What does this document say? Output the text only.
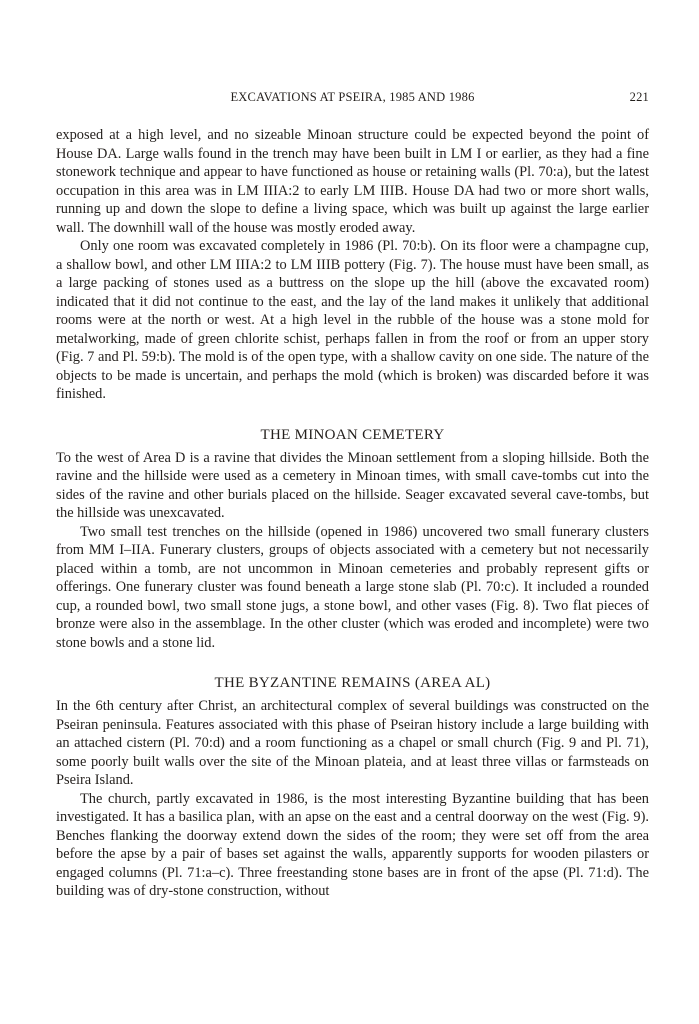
EXCAVATIONS AT PSEIRA, 1985 AND 1986	221

exposed at a high level, and no sizeable Minoan structure could be expected beyond the point of House DA. Large walls found in the trench may have been built in LM I or earlier, as they had a fine stonework technique and appear to have functioned as house or retaining walls (Pl. 70:a), but the latest occupation in this area was in LM IIIA:2 to early LM IIIB. House DA had two or more short walls, running up and down the slope to define a living space, which was built up against the large earlier wall. The downhill wall of the house was mostly eroded away.

Only one room was excavated completely in 1986 (Pl. 70:b). On its floor were a champagne cup, a shallow bowl, and other LM IIIA:2 to LM IIIB pottery (Fig. 7). The house must have been small, as a large packing of stones used as a buttress on the slope up the hill (above the excavated room) indicated that it did not continue to the east, and the lay of the land makes it unlikely that additional rooms were at the north or west. At a high level in the rubble of the house was a stone mold for metalworking, made of green chlorite schist, perhaps fallen in from the roof or from an upper story (Fig. 7 and Pl. 59:b). The mold is of the open type, with a shallow cavity on one side. The nature of the objects to be made is uncertain, and perhaps the mold (which is broken) was discarded before it was finished.

THE MINOAN CEMETERY

To the west of Area D is a ravine that divides the Minoan settlement from a sloping hillside. Both the ravine and the hillside were used as a cemetery in Minoan times, with small cave-tombs cut into the sides of the ravine and other burials placed on the hillside. Seager excavated several cave-tombs, but the hillside was unexcavated.

Two small test trenches on the hillside (opened in 1986) uncovered two small funerary clusters from MM I–IIA. Funerary clusters, groups of objects associated with a cemetery but not necessarily placed within a tomb, are not uncommon in Minoan cemeteries and probably represent gifts or offerings. One funerary cluster was found beneath a large stone slab (Pl. 70:c). It included a rounded cup, a rounded bowl, two small stone jugs, a stone bowl, and other vases (Fig. 8). Two flat pieces of bronze were also in the assemblage. In the other cluster (which was eroded and incomplete) were two stone bowls and a stone lid.

THE BYZANTINE REMAINS (AREA AL)

In the 6th century after Christ, an architectural complex of several buildings was constructed on the Pseiran peninsula. Features associated with this phase of Pseiran history include a large building with an attached cistern (Pl. 70:d) and a room functioning as a chapel or small church (Fig. 9 and Pl. 71), some poorly built walls over the site of the Minoan plateia, and at least three villas or farmsteads on Pseira Island.

The church, partly excavated in 1986, is the most interesting Byzantine building that has been investigated. It has a basilica plan, with an apse on the east and a central doorway on the west (Fig. 9). Benches flanking the doorway extend down the sides of the room; they were set off from the area before the apse by a pair of bases set against the walls, apparently supports for wooden pilasters or engaged columns (Pl. 71:a–c). Three freestanding stone bases are in front of the apse (Pl. 71:d). The building was of dry-stone construction, without
